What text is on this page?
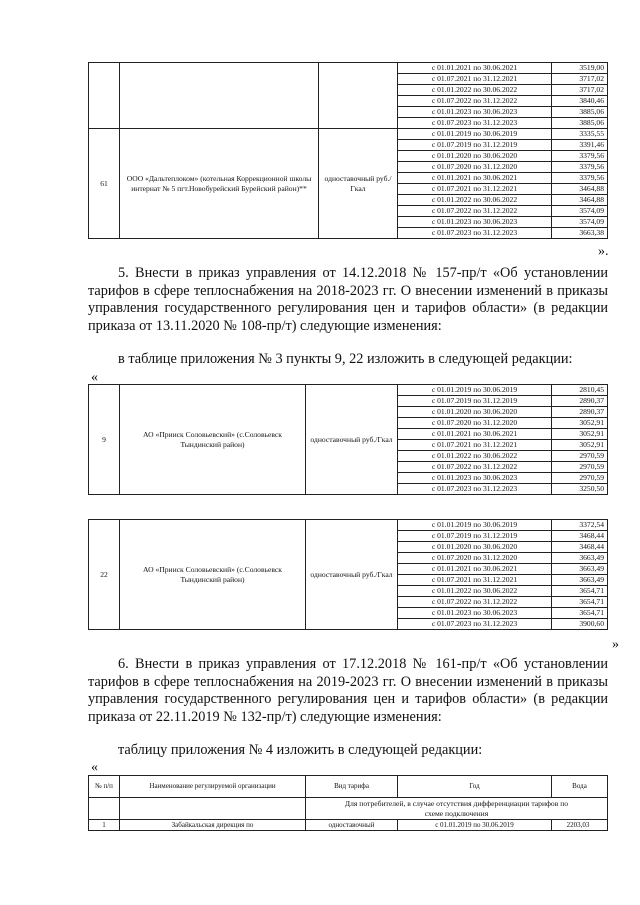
			с 01.01.2021 по 30.06.2021	3519,00
			с 01.07.2021 по 31.12.2021	3717,02
			с 01.01.2022 по 30.06.2022	3717,02
			с 01.07.2022 по 31.12.2022	3840,46
			с 01.01.2023 по 30.06.2023	3885,06
			с 01.07.2023 по 31.12.2023	3885,06
61	ООО «Дальтеплоком» (котельная Коррекционной школы интернат № 5 пгт.Новобурейский Бурейский район)**	одноставочный руб./Гкал	с 01.01.2019 по 30.06.2019	3335,55
			с 01.07.2019 по 31.12.2019	3391,46
			с 01.01.2020 по 30.06.2020	3379,56
			с 01.07.2020 по 31.12.2020	3379,56
			с 01.01.2021 по 30.06.2021	3379,56
			с 01.07.2021 по 31.12.2021	3464,88
			с 01.01.2022 по 30.06.2022	3464,88
			с 01.07.2022 по 31.12.2022	3574,09
			с 01.01.2023 по 30.06.2023	3574,09
			с 01.07.2023 по 31.12.2023	3663,38
».
5. Внести в приказ управления от 14.12.2018 № 157-пр/т «Об установлении тарифов в сфере теплоснабжения на 2018-2023 гг. О внесении изменений в приказы управления государственного регулирования цен и тарифов области» (в редакции приказа от 13.11.2020 № 108-пр/т) следующие изменения:
в таблице приложения № 3 пункты 9, 22 изложить в следующей редакции:
«
9	АО «Прииск Соловьевский» (с.Соловьевск Тындинский район)	одноставочный руб./Гкал	с 01.01.2019 по 30.06.2019	2810,45
			с 01.07.2019 по 31.12.2019	2890,37
			с 01.01.2020 по 30.06.2020	2890,37
			с 01.07.2020 по 31.12.2020	3052,91
			с 01.01.2021 по 30.06.2021	3052,91
			с 01.07.2021 по 31.12.2021	3052,91
			с 01.01.2022 по 30.06.2022	2970,59
			с 01.07.2022 по 31.12.2022	2970,59
			с 01.01.2023 по 30.06.2023	2970,59
			с 01.07.2023 по 31.12.2023	3250,50
22	АО «Прииск Соловьевский» (с.Соловьевск Тындинский район)	одноставочный руб./Гкал	с 01.01.2019 по 30.06.2019	3372,54
			с 01.07.2019 по 31.12.2019	3468,44
			с 01.01.2020 по 30.06.2020	3468,44
			с 01.07.2020 по 31.12.2020	3663,49
			с 01.01.2021 по 30.06.2021	3663,49
			с 01.07.2021 по 31.12.2021	3663,49
			с 01.01.2022 по 30.06.2022	3654,71
			с 01.07.2022 по 31.12.2022	3654,71
			с 01.01.2023 по 30.06.2023	3654,71
			с 01.07.2023 по 31.12.2023	3900,60
»
6. Внести в приказ управления от 17.12.2018 № 161-пр/т «Об установлении тарифов в сфере теплоснабжения на 2019-2023 гг. О внесении изменений в приказы управления государственного регулирования цен и тарифов области» (в редакции приказа от 22.11.2019 № 132-пр/т) следующие изменения:
таблицу приложения № 4 изложить в следующей редакции:
«
№ п/п	Наименование регулируемой организации	Вид тарифа	Год	Вода
		Для потребителей, в случае отсутствия дифференциации тарифов по схеме подключения		
1	Забайкальская дирекция по	одноставочный	с 01.01.2019 по 30.06.2019	2203,03
